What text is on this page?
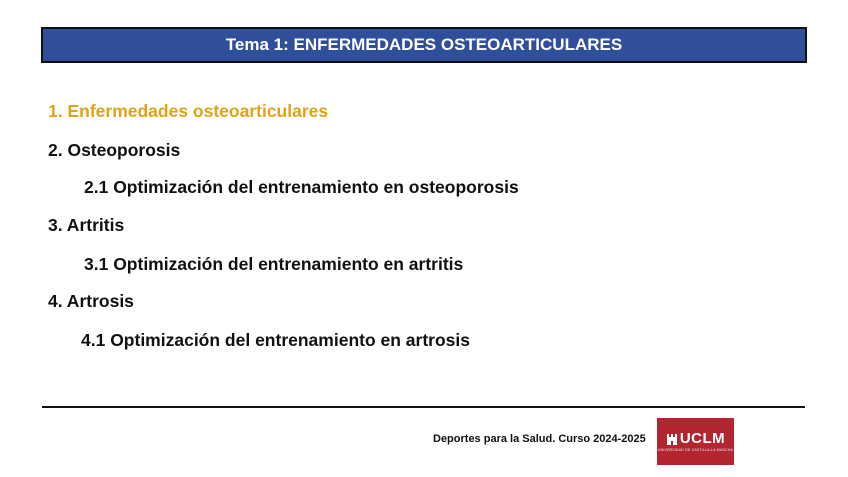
Tema 1: ENFERMEDADES OSTEOARTICULARES
1. Enfermedades osteoarticulares
2. Osteoporosis
2.1 Optimización del entrenamiento en osteoporosis
3. Artritis
3.1 Optimización del entrenamiento en artritis
4. Artrosis
4.1 Optimización del entrenamiento en artrosis
Deportes para la Salud. Curso 2024-2025 UCLM
UNIVERSIDAD DE CASTILLA-LA MANCHA
